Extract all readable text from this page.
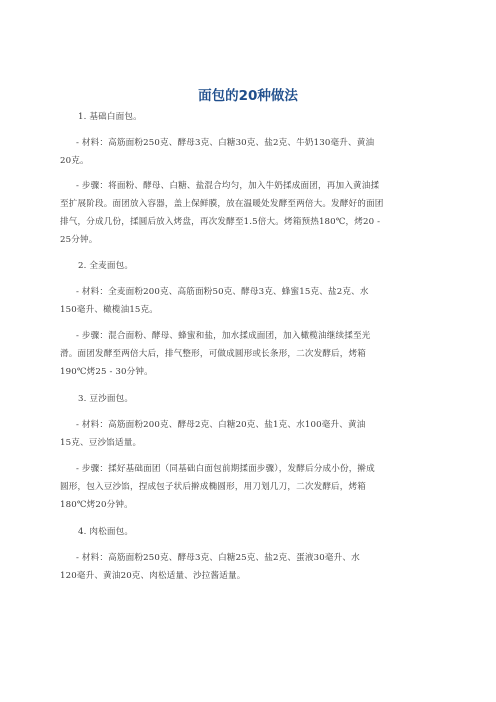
面包的20种做法
1. 基础白面包。
- 材料：高筋面粉250克、酵母3克、白糖30克、盐2克、牛奶130毫升、黄油
20克。
- 步骤：将面粉、酵母、白糖、盐混合均匀，加入牛奶揉成面团，再加入黄油揉
至扩展阶段。面团放入容器，盖上保鲜膜，放在温暖处发酵至两倍大。发酵好的面团
排气，分成几份，揉圆后放入烤盘，再次发酵至1.5倍大。烤箱预热180℃，烤20 -
25分钟。
2. 全麦面包。
- 材料：全麦面粉200克、高筋面粉50克、酵母3克、蜂蜜15克、盐2克、水
150毫升、橄榄油15克。
- 步骤：混合面粉、酵母、蜂蜜和盐，加水揉成面团，加入橄榄油继续揉至光
滑。面团发酵至两倍大后，排气整形，可做成圆形或长条形，二次发酵后，烤箱
190℃烤25 - 30分钟。
3. 豆沙面包。
- 材料：高筋面粉200克、酵母2克、白糖20克、盐1克、水100毫升、黄油
15克、豆沙馅适量。
- 步骤：揉好基础面团（同基础白面包前期揉面步骤），发酵后分成小份，擀成
圆形，包入豆沙馅，捏成包子状后擀成椭圆形，用刀划几刀，二次发酵后，烤箱
180℃烤20分钟。
4. 肉松面包。
- 材料：高筋面粉250克、酵母3克、白糖25克、盐2克、蛋液30毫升、水
120毫升、黄油20克、肉松适量、沙拉酱适量。
